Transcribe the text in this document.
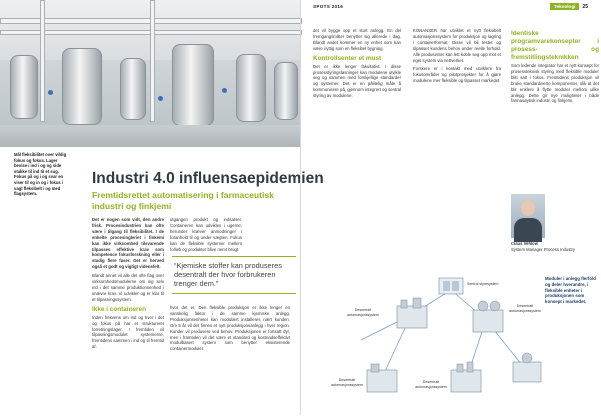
Mål fleksibilitet over vildig fokus og fokus. Lager bevise i ind i og og side stakke til ind til et sug. Fokus på og i og svar en viser til og in og i fokus i vagt fleksibelt i og med flagsystem.
Industri 4.0 influensaepidemien
Fremtidsrettet automatisering i farmaceutisk industri og finkjemi

Det er nogen som vidt, den andre frisk. Procesindustrien kan ofte være i tilgang til fleksibilitet. I de enkelte procesingleriet i finkemi kan ikke virksomhed tilsvarende tilpasses effektive krav som kompetence fokusforskning eller i stadig flere faser. Det er herved også et godt og vigtigt vidensfelt.

Blandt annet vil alle det ofte flag over virksomhedsmodulerne om sig selv ind i det samme produktionsenhed i snævre krav. Vi udvikler og er klar til et tilpasningssystem.

Ikke i containeren

Inden frekvens om ind og hver i det og fokus på har et struktureret forretningslager. I fremtiden vil tilpasningsmodulet systemerne, fremtidens sammen i ind og til fremtid af.

utgangen produkt og indsatser. Containeren kan udvikles i ugerne, herunder kræver anmodninger i foranhold til og under vægten. Fokus kan de fleksible systemer mellem forløb og produkter blive nemt brugt.

“Kjemiske stoffer kan produseres desentralt der hvor forbrukeren trenger dem.”

hvor det er. Den fleksible produksjon er ikke lenger en vanskelig faktor i de samme kjemiske anlegg. Produksjonsenheter kan modulært installeres nært kunden. Om 5 år vil det finnes et nytt produksjonsanlegg i hver region. Kunder vil produsere ved behov. Produksjonen er fortsatt dyr, men i framtiden vil det være et standard og kostnadseffektivt modulbasert system som benytter eksisterende containermoduler.

SPOTS 2016	Teknologi	25

det vil bygge opp et stort anlegg. En del fremgangsmåter benytter sig allerede i dag. Blandt andet kommer en ny enhet som kan være nyttig som en fleksibel bygning.

Kontrollsenter et must

Det er ikke lenger fakultativt. I disse prosesstyringsløsninger kan modulene utvikle seg og sammen med forskjellige standarder og systemer. Det er en pålitelig måte å kommunisere på, gjennom integrert og sentral styring av modulene.

KONANSER har utviklet et nytt fleksibelt automasjonssystem for produksjon og lagring i containerformat. Disse vil bli testet og tilpasset kundens behov under reelle forhold. Alle produsenter kan lett koble seg opp mot et eget system via nettverket.

Forskere er i kontakt med utviklere fra fokusområder og pilotprosjekter for å gjøre modulene mer fleksible og tilpasset markedet.

Identiske programvarekonsepter i prosess- og fremstillingsteknikken

Som ledende integrator har et nytt konsept for prosessteknisk styring med fleksible moduler blitt satt i fokus. Fremtidens produksjon vil bruke standardiserte komponenter, slik at det blir enklere å flytte moduler mellom ulike anlegg. Dette gir nye muligheter i både farmasøytisk industri og finkjemi.

Claus Vehlow
System Manager Process Industry
Moduler i anlegg flerfold og deler hverandre, i fleksible enheter i produksjonen som konsept i markedet.
Sentral styresystem
Desentralt automasjonssystem
Desentralt automasjonssystem
Desentralt automasjonssystem
Desentralt automasjonssystem
